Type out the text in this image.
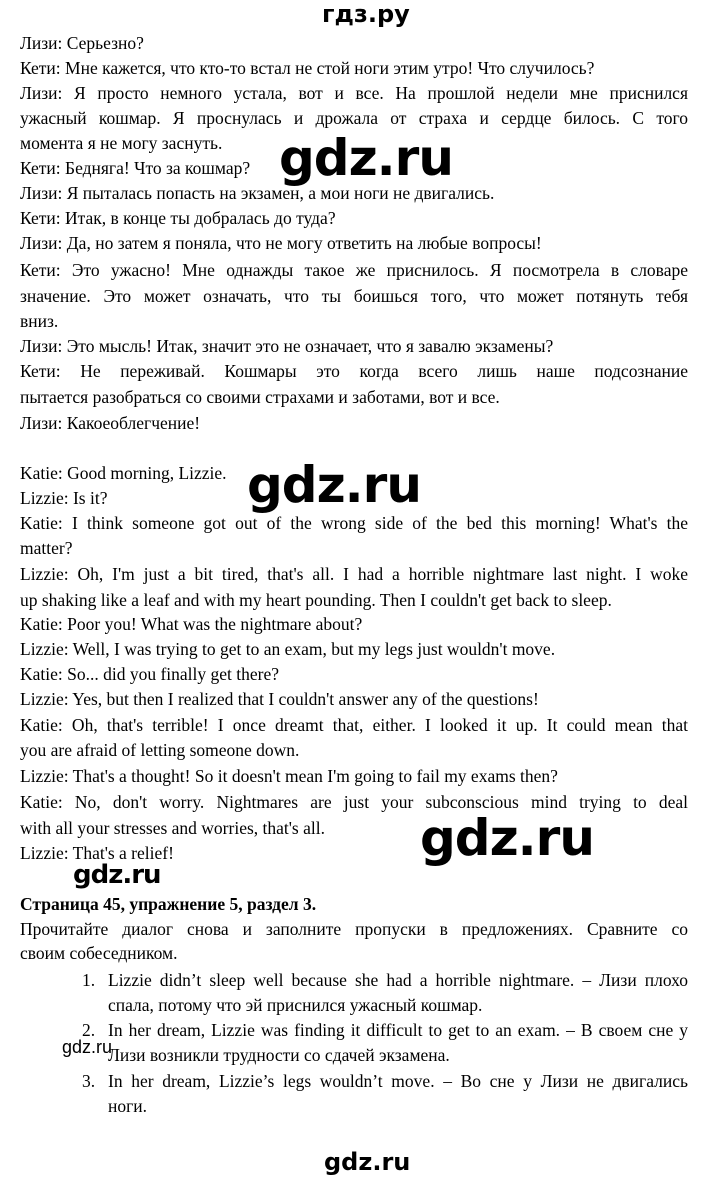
гдз.ру
Лизи: Серьезно?
Кети: Мне кажется, что кто-то встал не стой ноги этим утро! Что случилось?
Лизи: Я просто немного устала, вот и все. На прошлой недели мне приснился
ужасный кошмар. Я проснулась и дрожала от страха и сердце билось. С того
момента я не могу заснуть.
Кети: Бедняга! Что за кошмар?
Лизи: Я пыталась попасть на экзамен, а мои ноги не двигались.
Кети: Итак, в конце ты добралась до туда?
Лизи: Да, но затем я поняла, что не могу ответить на любые вопросы!
Кети: Это ужасно! Мне однажды такое же приснилось. Я посмотрела в словаре
значение. Это может означать, что ты боишься того, что может потянуть тебя
вниз.
Лизи: Это мысль! Итак, значит это не означает, что я завалю экзамены?
Кети: Не переживай. Кошмары это когда всего лишь наше подсознание
пытается разобраться со своими страхами и заботами, вот и все.
Лизи: Какоеоблегчение!
Katie: Good morning, Lizzie.
Lizzie: Is it?
Katie: I think someone got out of the wrong side of the bed this morning! What's the
matter?
Lizzie: Oh, I'm just a bit tired, that's all. I had a horrible nightmare last night. I woke
up shaking like a leaf and with my heart pounding. Then I couldn't get back to sleep.
Katie: Poor you! What was the nightmare about?
Lizzie: Well, I was trying to get to an exam, but my legs just wouldn't move.
Katie: So... did you finally get there?
Lizzie: Yes, but then I realized that I couldn't answer any of the questions!
Katie: Oh, that's terrible! I once dreamt that, either. I looked it up. It could mean that
you are afraid of letting someone down.
Lizzie: That's a thought! So it doesn't mean I'm going to fail my exams then?
Katie: No, don't worry. Nightmares are just your subconscious mind trying to deal
with all your stresses and worries, that's all.
Lizzie: That's a relief!
Страница 45, упражнение 5, раздел 3.
Прочитайте диалог снова и заполните пропуски в предложениях. Сравните со
своим собеседником.
1. Lizzie didn’t sleep well because she had a horrible nightmare. – Лизи плохо
спала, потому что эй приснился ужасный кошмар.
2. In her dream, Lizzie was finding it difficult to get to an exam. – В своем сне у
Лизи возникли трудности со сдачей экзамена.
3. In her dream, Lizzie’s legs wouldn’t move. – Во сне у Лизи не двигались
ноги.
gdz.ru
gdz.ru
gdz.ru
gdz.ru
gdz.ru
gdz.ru
